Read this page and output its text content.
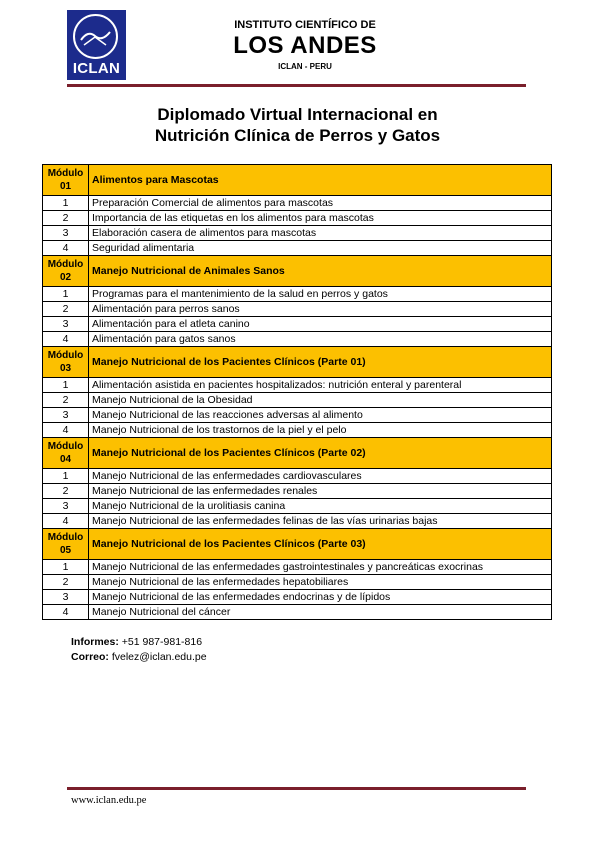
ICLAN
INSTITUTO CIENTÍFICO DE
LOS ANDES
ICLAN - PERU
Diplomado Virtual Internacional en
Nutrición Clínica de Perros y Gatos
Módulo 01	Alimentos para Mascotas
1	Preparación Comercial de alimentos para mascotas
2	Importancia de las etiquetas en los alimentos para mascotas
3	Elaboración casera de alimentos para mascotas
4	Seguridad alimentaria
Módulo 02	Manejo Nutricional de Animales Sanos
1	Programas para el mantenimiento de la salud en perros y gatos
2	Alimentación para perros sanos
3	Alimentación para el atleta canino
4	Alimentación para gatos sanos
Módulo 03	Manejo Nutricional de los Pacientes Clínicos (Parte 01)
1	Alimentación asistida en pacientes hospitalizados: nutrición enteral y parenteral
2	Manejo Nutricional de la Obesidad
3	Manejo Nutricional de las reacciones adversas al alimento
4	Manejo Nutricional de los trastornos de la piel y el pelo
Módulo 04	Manejo Nutricional de los Pacientes Clínicos (Parte 02)
1	Manejo Nutricional de las enfermedades cardiovasculares
2	Manejo Nutricional de las enfermedades renales
3	Manejo Nutricional de la urolitiasis canina
4	Manejo Nutricional de las enfermedades felinas de las vías urinarias bajas
Módulo 05	Manejo Nutricional de los Pacientes Clínicos (Parte 03)
1	Manejo Nutricional de las enfermedades gastrointestinales y pancreáticas exocrinas
2	Manejo Nutricional de las enfermedades hepatobiliares
3	Manejo Nutricional de las enfermedades endocrinas y de lípidos
4	Manejo Nutricional del cáncer
Informes: +51 987-981-816
Correo: fvelez@iclan.edu.pe
www.iclan.edu.pe
